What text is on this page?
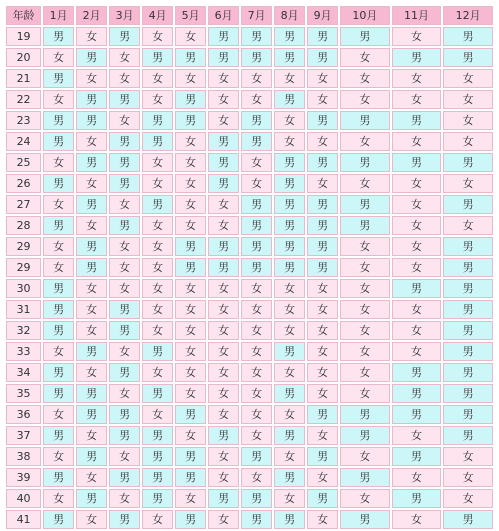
年龄	1月	2月	3月	4月	5月	6月	7月	8月	9月	10月	11月	12月
19	男	女	男	女	女	男	男	男	男	男	女	男
20	女	男	女	男	男	男	男	男	男	女	男	男
21	男	女	女	女	女	女	女	女	女	女	女	女
22	女	男	男	女	男	女	女	男	女	女	女	女
23	男	男	女	男	男	女	男	女	男	男	男	女
24	男	女	男	男	女	男	男	女	女	女	女	女
25	女	男	男	女	女	男	女	男	男	男	男	男
26	男	女	男	女	女	男	女	男	女	女	女	女
27	女	男	女	男	女	女	男	男	男	男	女	男
28	男	女	男	女	女	女	男	男	男	男	女	女
29	女	男	女	女	男	男	男	男	男	女	女	男
29	女	男	女	女	男	男	男	男	男	女	女	男
30	男	女	女	女	女	女	女	女	女	女	男	男
31	男	女	男	女	女	女	女	女	女	女	女	男
32	男	女	男	女	女	女	女	女	女	女	女	男
33	女	男	女	男	女	女	女	男	女	女	女	男
34	男	女	男	女	女	女	女	女	女	女	男	男
35	男	男	女	男	女	女	女	男	女	女	男	男
36	女	男	男	女	男	女	女	女	男	男	男	男
37	男	女	男	男	女	男	女	男	女	男	女	男
38	女	男	女	男	男	女	男	女	男	女	男	女
39	男	女	男	男	男	女	女	男	女	男	女	女
40	女	男	女	男	女	男	男	女	男	女	男	女
41	男	女	男	女	男	女	男	男	女	男	女	男
